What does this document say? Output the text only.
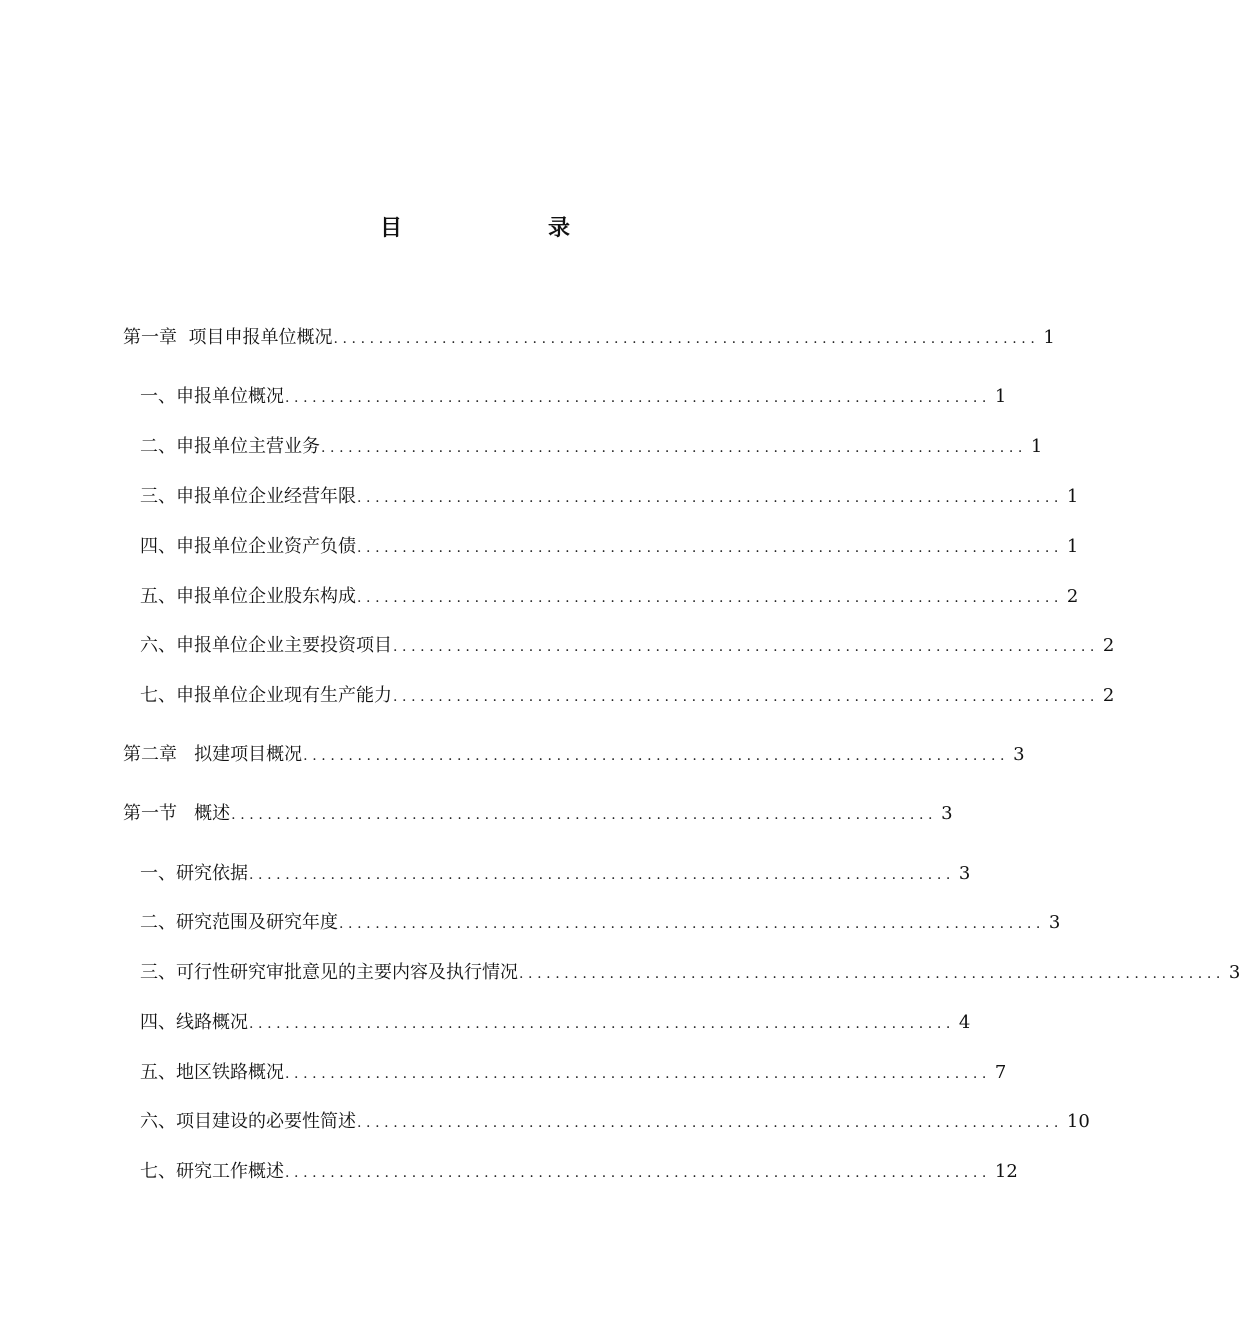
目　录
第一章  项目申报单位概况 .............................................................................. 1
一、申报单位概况 .............................................................................. 1
二、申报单位主营业务 .............................................................................. 1
三、申报单位企业经营年限 .............................................................................. 1
四、申报单位企业资产负债 .............................................................................. 1
五、申报单位企业股东构成 .............................................................................. 2
六、申报单位企业主要投资项目 .............................................................................. 2
七、申报单位企业现有生产能力 .............................................................................. 2
第二章   拟建项目概况 .............................................................................. 3
第一节   概述 .............................................................................. 3
一、研究依据 .............................................................................. 3
二、研究范围及研究年度 .............................................................................. 3
三、可行性研究审批意见的主要内容及执行情况 .............................................................................. 3
四、线路概况 .............................................................................. 4
五、地区铁路概况 .............................................................................. 7
六、项目建设的必要性简述 .............................................................................. 10
七、研究工作概述 .............................................................................. 12
